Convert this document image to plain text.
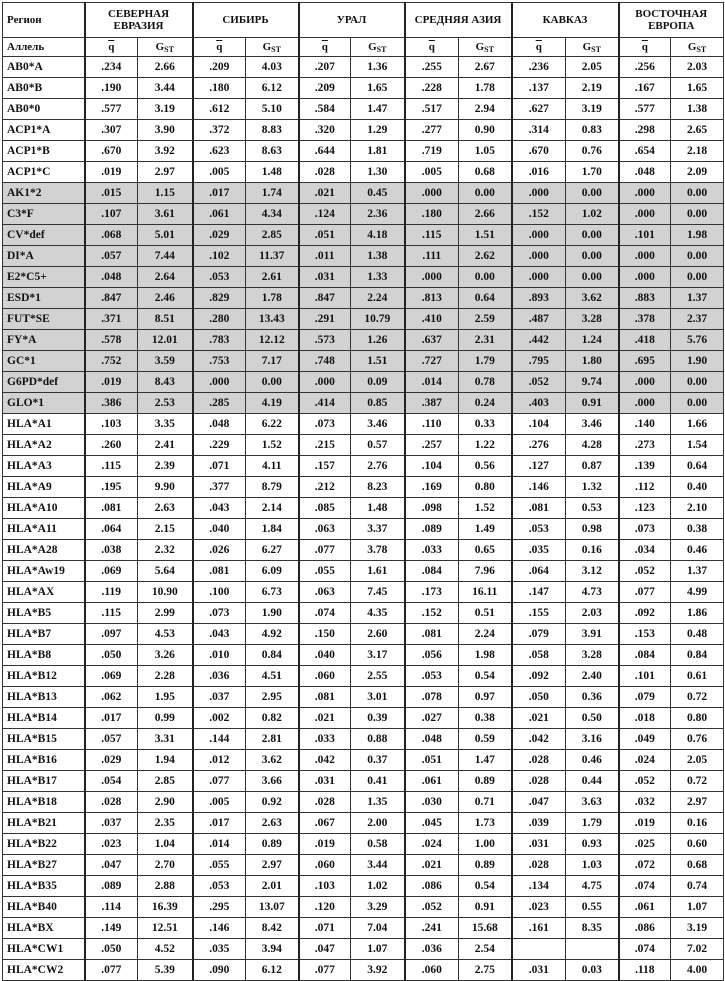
Регион	СЕВЕРНАЯ ЕВРАЗИЯ		СИБИРЬ		УРАЛ		СРЕДНЯЯ АЗИЯ		КАВКАЗ		ВОСТОЧНАЯ ЕВРОПА	
Аллель	$\overline{q}$	$G_{ST}$	$\overline{q}$	$G_{ST}$	$\overline{q}$	$G_{ST}$	$\overline{q}$	$G_{ST}$	$\overline{q}$	$G_{ST}$	$\overline{q}$	$G_{ST}$
AB0*A	.234	2.66	.209	4.03	.207	1.36	.255	2.67	.236	2.05	.256	2.03
AB0*B	.190	3.44	.180	6.12	.209	1.65	.228	1.78	.137	2.19	.167	1.65
AB0*0	.577	3.19	.612	5.10	.584	1.47	.517	2.94	.627	3.19	.577	1.38
ACP1*A	.307	3.90	.372	8.83	.320	1.29	.277	0.90	.314	0.83	.298	2.65
ACP1*B	.670	3.92	.623	8.63	.644	1.81	.719	1.05	.670	0.76	.654	2.18
ACP1*C	.019	2.97	.005	1.48	.028	1.30	.005	0.68	.016	1.70	.048	2.09
AK1*2	.015	1.15	.017	1.74	.021	0.45	.000	0.00	.000	0.00	.000	0.00
C3*F	.107	3.61	.061	4.34	.124	2.36	.180	2.66	.152	1.02	.000	0.00
CV*def	.068	5.01	.029	2.85	.051	4.18	.115	1.51	.000	0.00	.101	1.98
DI*A	.057	7.44	.102	11.37	.011	1.38	.111	2.62	.000	0.00	.000	0.00
E2*C5+	.048	2.64	.053	2.61	.031	1.33	.000	0.00	.000	0.00	.000	0.00
ESD*1	.847	2.46	.829	1.78	.847	2.24	.813	0.64	.893	3.62	.883	1.37
FUT*SE	.371	8.51	.280	13.43	.291	10.79	.410	2.59	.487	3.28	.378	2.37
FY*A	.578	12.01	.783	12.12	.573	1.26	.637	2.31	.442	1.24	.418	5.76
GC*1	.752	3.59	.753	7.17	.748	1.51	.727	1.79	.795	1.80	.695	1.90
G6PD*def	.019	8.43	.000	0.00	.000	0.09	.014	0.78	.052	9.74	.000	0.00
GLO*1	.386	2.53	.285	4.19	.414	0.85	.387	0.24	.403	0.91	.000	0.00
HLA*A1	.103	3.35	.048	6.22	.073	3.46	.110	0.33	.104	3.46	.140	1.66
HLA*A2	.260	2.41	.229	1.52	.215	0.57	.257	1.22	.276	4.28	.273	1.54
HLA*A3	.115	2.39	.071	4.11	.157	2.76	.104	0.56	.127	0.87	.139	0.64
HLA*A9	.195	9.90	.377	8.79	.212	8.23	.169	0.80	.146	1.32	.112	0.40
HLA*A10	.081	2.63	.043	2.14	.085	1.48	.098	1.52	.081	0.53	.123	2.10
HLA*A11	.064	2.15	.040	1.84	.063	3.37	.089	1.49	.053	0.98	.073	0.38
HLA*A28	.038	2.32	.026	6.27	.077	3.78	.033	0.65	.035	0.16	.034	0.46
HLA*Aw19	.069	5.64	.081	6.09	.055	1.61	.084	7.96	.064	3.12	.052	1.37
HLA*AX	.119	10.90	.100	6.73	.063	7.45	.173	16.11	.147	4.73	.077	4.99
HLA*B5	.115	2.99	.073	1.90	.074	4.35	.152	0.51	.155	2.03	.092	1.86
HLA*B7	.097	4.53	.043	4.92	.150	2.60	.081	2.24	.079	3.91	.153	0.48
HLA*B8	.050	3.26	.010	0.84	.040	3.17	.056	1.98	.058	3.28	.084	0.84
HLA*B12	.069	2.28	.036	4.51	.060	2.55	.053	0.54	.092	2.40	.101	0.61
HLA*B13	.062	1.95	.037	2.95	.081	3.01	.078	0.97	.050	0.36	.079	0.72
HLA*B14	.017	0.99	.002	0.82	.021	0.39	.027	0.38	.021	0.50	.018	0.80
HLA*B15	.057	3.31	.144	2.81	.033	0.88	.048	0.59	.042	3.16	.049	0.76
HLA*B16	.029	1.94	.012	3.62	.042	0.37	.051	1.47	.028	0.46	.024	2.05
HLA*B17	.054	2.85	.077	3.66	.031	0.41	.061	0.89	.028	0.44	.052	0.72
HLA*B18	.028	2.90	.005	0.92	.028	1.35	.030	0.71	.047	3.63	.032	2.97
HLA*B21	.037	2.35	.017	2.63	.067	2.00	.045	1.73	.039	1.79	.019	0.16
HLA*B22	.023	1.04	.014	0.89	.019	0.58	.024	1.00	.031	0.93	.025	0.60
HLA*B27	.047	2.70	.055	2.97	.060	3.44	.021	0.89	.028	1.03	.072	0.68
HLA*B35	.089	2.88	.053	2.01	.103	1.02	.086	0.54	.134	4.75	.074	0.74
HLA*B40	.114	16.39	.295	13.07	.120	3.29	.052	0.91	.023	0.55	.061	1.07
HLA*BX	.149	12.51	.146	8.42	.071	7.04	.241	15.68	.161	8.35	.086	3.19
HLA*CW1	.050	4.52	.035	3.94	.047	1.07	.036	2.54			.074	7.02
HLA*CW2	.077	5.39	.090	6.12	.077	3.92	.060	2.75	.031	0.03	.118	4.00
